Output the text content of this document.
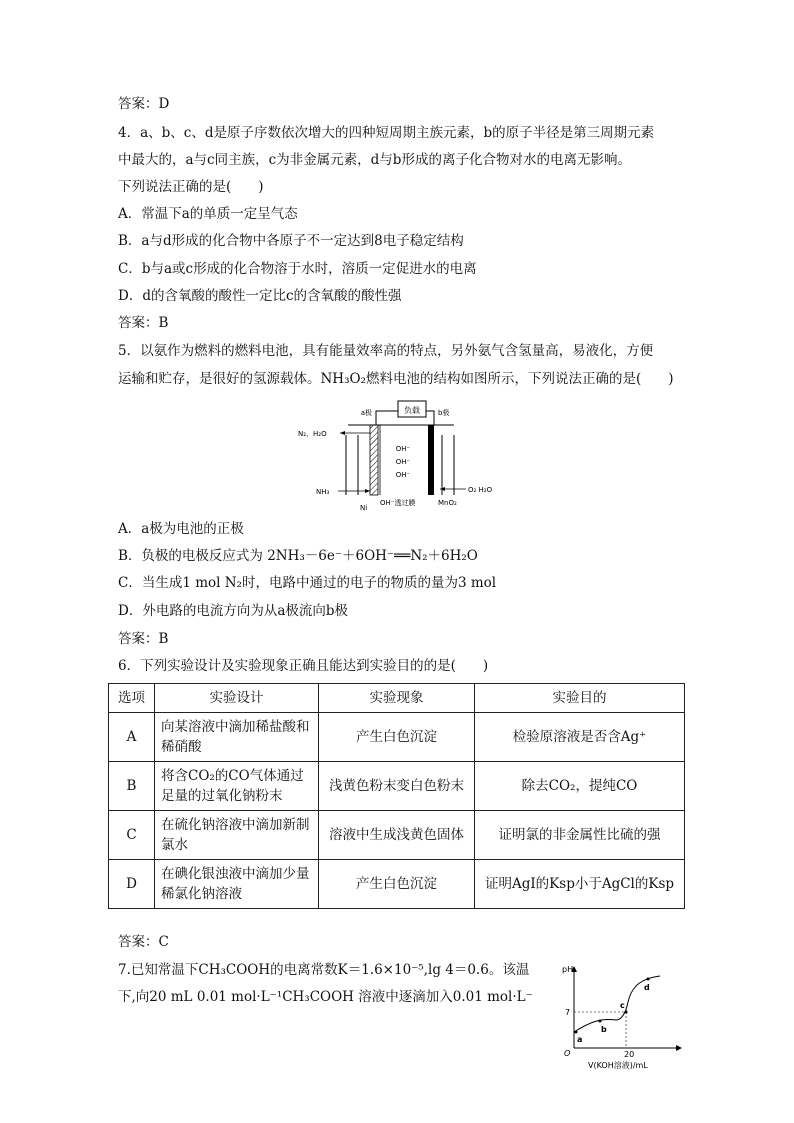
答案：D
4．a、b、c、d是原子序数依次增大的四种短周期主族元素，b的原子半径是第三周期元素
中最大的，a与c同主族，c为非金属元素，d与b形成的离子化合物对水的电离无影响。
下列说法正确的是(　　)
A．常温下a的单质一定呈气态
B．a与d形成的化合物中各原子不一定达到8电子稳定结构
C．b与a或c形成的化合物溶于水时，溶质一定促进水的电离
D．d的含氧酸的酸性一定比c的含氧酸的酸性强
答案：B
5．以氨作为燃料的燃料电池，具有能量效率高的特点，另外氨气含氢量高，易液化，方便
运输和贮存，是很好的氢源载体。NH₃O₂燃料电池的结构如图所示，下列说法正确的是(　　)
负载
a极	b极
OH⁻
OH⁻
OH⁻
N₂、H₂O
NH₃	O₂ H₂O
Ni
OH⁻透过膜	MnO₂
A．a极为电池的正极
B．负极的电极反应式为 2NH₃－6e⁻＋6OH⁻══N₂＋6H₂O
C．当生成1 mol N₂时，电路中通过的电子的物质的量为3 mol
D．外电路的电流方向为从a极流向b极
答案：B
6．下列实验设计及实验现象正确且能达到实验目的的是(　　)
选项	实验设计	实验现象	实验目的
A	向某溶液中滴加稀盐酸和稀硝酸	产生白色沉淀	检验原溶液是否含Ag⁺
B	将含CO₂的CO气体通过足量的过氧化钠粉末	浅黄色粉末变白色粉末	除去CO₂，提纯CO
C	在硫化钠溶液中滴加新制氯水	溶液中生成浅黄色固体	证明氯的非金属性比硫的强
D	在碘化银浊液中滴加少量稀氯化钠溶液	产生白色沉淀	证明AgI的Ksp小于AgCl的Ksp
答案：C
7.已知常温下CH₃COOH的电离常数K＝1.6×10⁻⁵,lg 4＝0.6。该温
下,向20 mL 0.01 mol·L⁻¹CH₃COOH 溶液中逐滴加入0.01 mol·L⁻
pH
O
7
20
V(KOH溶液)/mL
a
b
c
d
